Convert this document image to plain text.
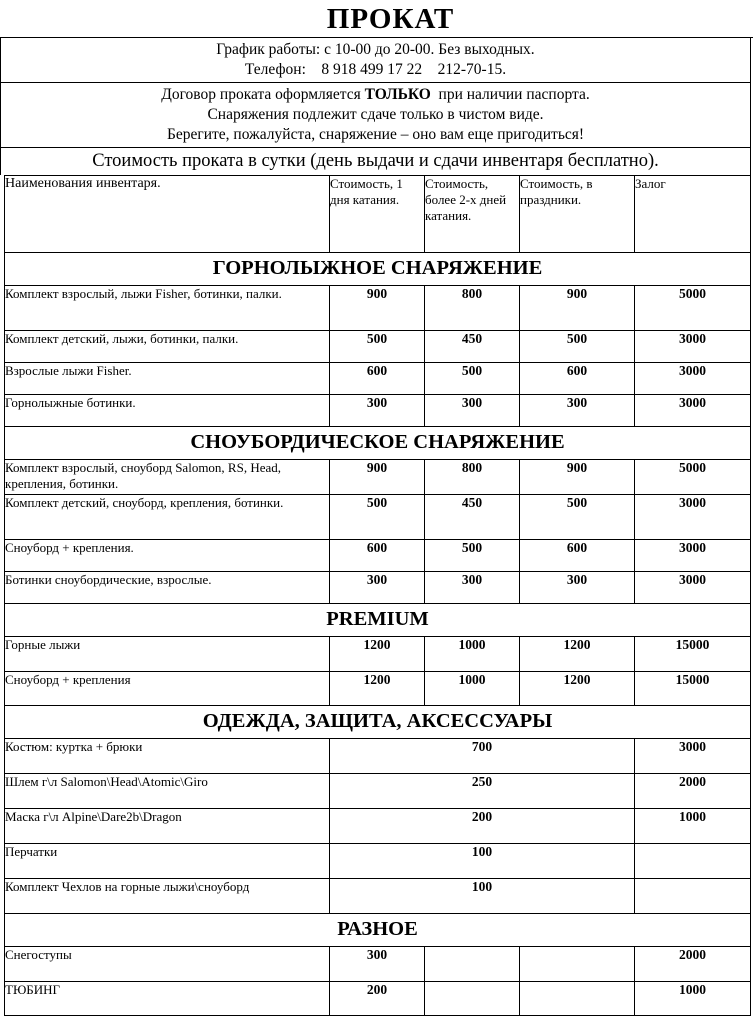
ПРОКАТ
График работы: с 10-00 до 20-00. Без выходных.
Телефон:    8 918 499 17 22    212-70-15.
Договор проката оформляется ТОЛЬКО  при наличии паспорта.
Снаряжения подлежит сдаче только в чистом виде.
Берегите, пожалуйста, снаряжение – оно вам еще пригодиться!
Стоимость проката в сутки (день выдачи и сдачи инвентаря бесплатно).
Наименования инвентаря.	Стоимость, 1 дня катания.	Стоимость, более 2-х дней катания.	Стоимость, в праздники.	Залог
ГОРНОЛЫЖНОЕ СНАРЯЖЕНИЕ				
Комплект взрослый, лыжи Fisher, ботинки, палки.	900	800	900	5000
Комплект детский, лыжи, ботинки, палки.	500	450	500	3000
Взрослые лыжи Fisher.	600	500	600	3000
Горнолыжные ботинки.	300	300	300	3000
СНОУБОРДИЧЕСКОЕ СНАРЯЖЕНИЕ				
Комплект взрослый, сноуборд Salomon, RS, Head, крепления, ботинки.	900	800	900	5000
Комплект детский, сноуборд, крепления, ботинки.	500	450	500	3000
Сноуборд + крепления.	600	500	600	3000
Ботинки сноубордические, взрослые.	300	300	300	3000
PREMIUM				
Горные лыжи	1200	1000	1200	15000
Сноуборд + крепления	1200	1000	1200	15000
ОДЕЖДА, ЗАЩИТА, АКСЕССУАРЫ				
Костюм: куртка + брюки	700			3000
Шлем г\л Salomon\Head\Atomic\Giro	250			2000
Маска г\л Alpine\Dare2b\Dragon	200			1000
Перчатки	100			
Комплект Чехлов на горные лыжи\сноуборд	100			
РАЗНОЕ				
Снегоступы	300			2000
ТЮБИНГ	200			1000
